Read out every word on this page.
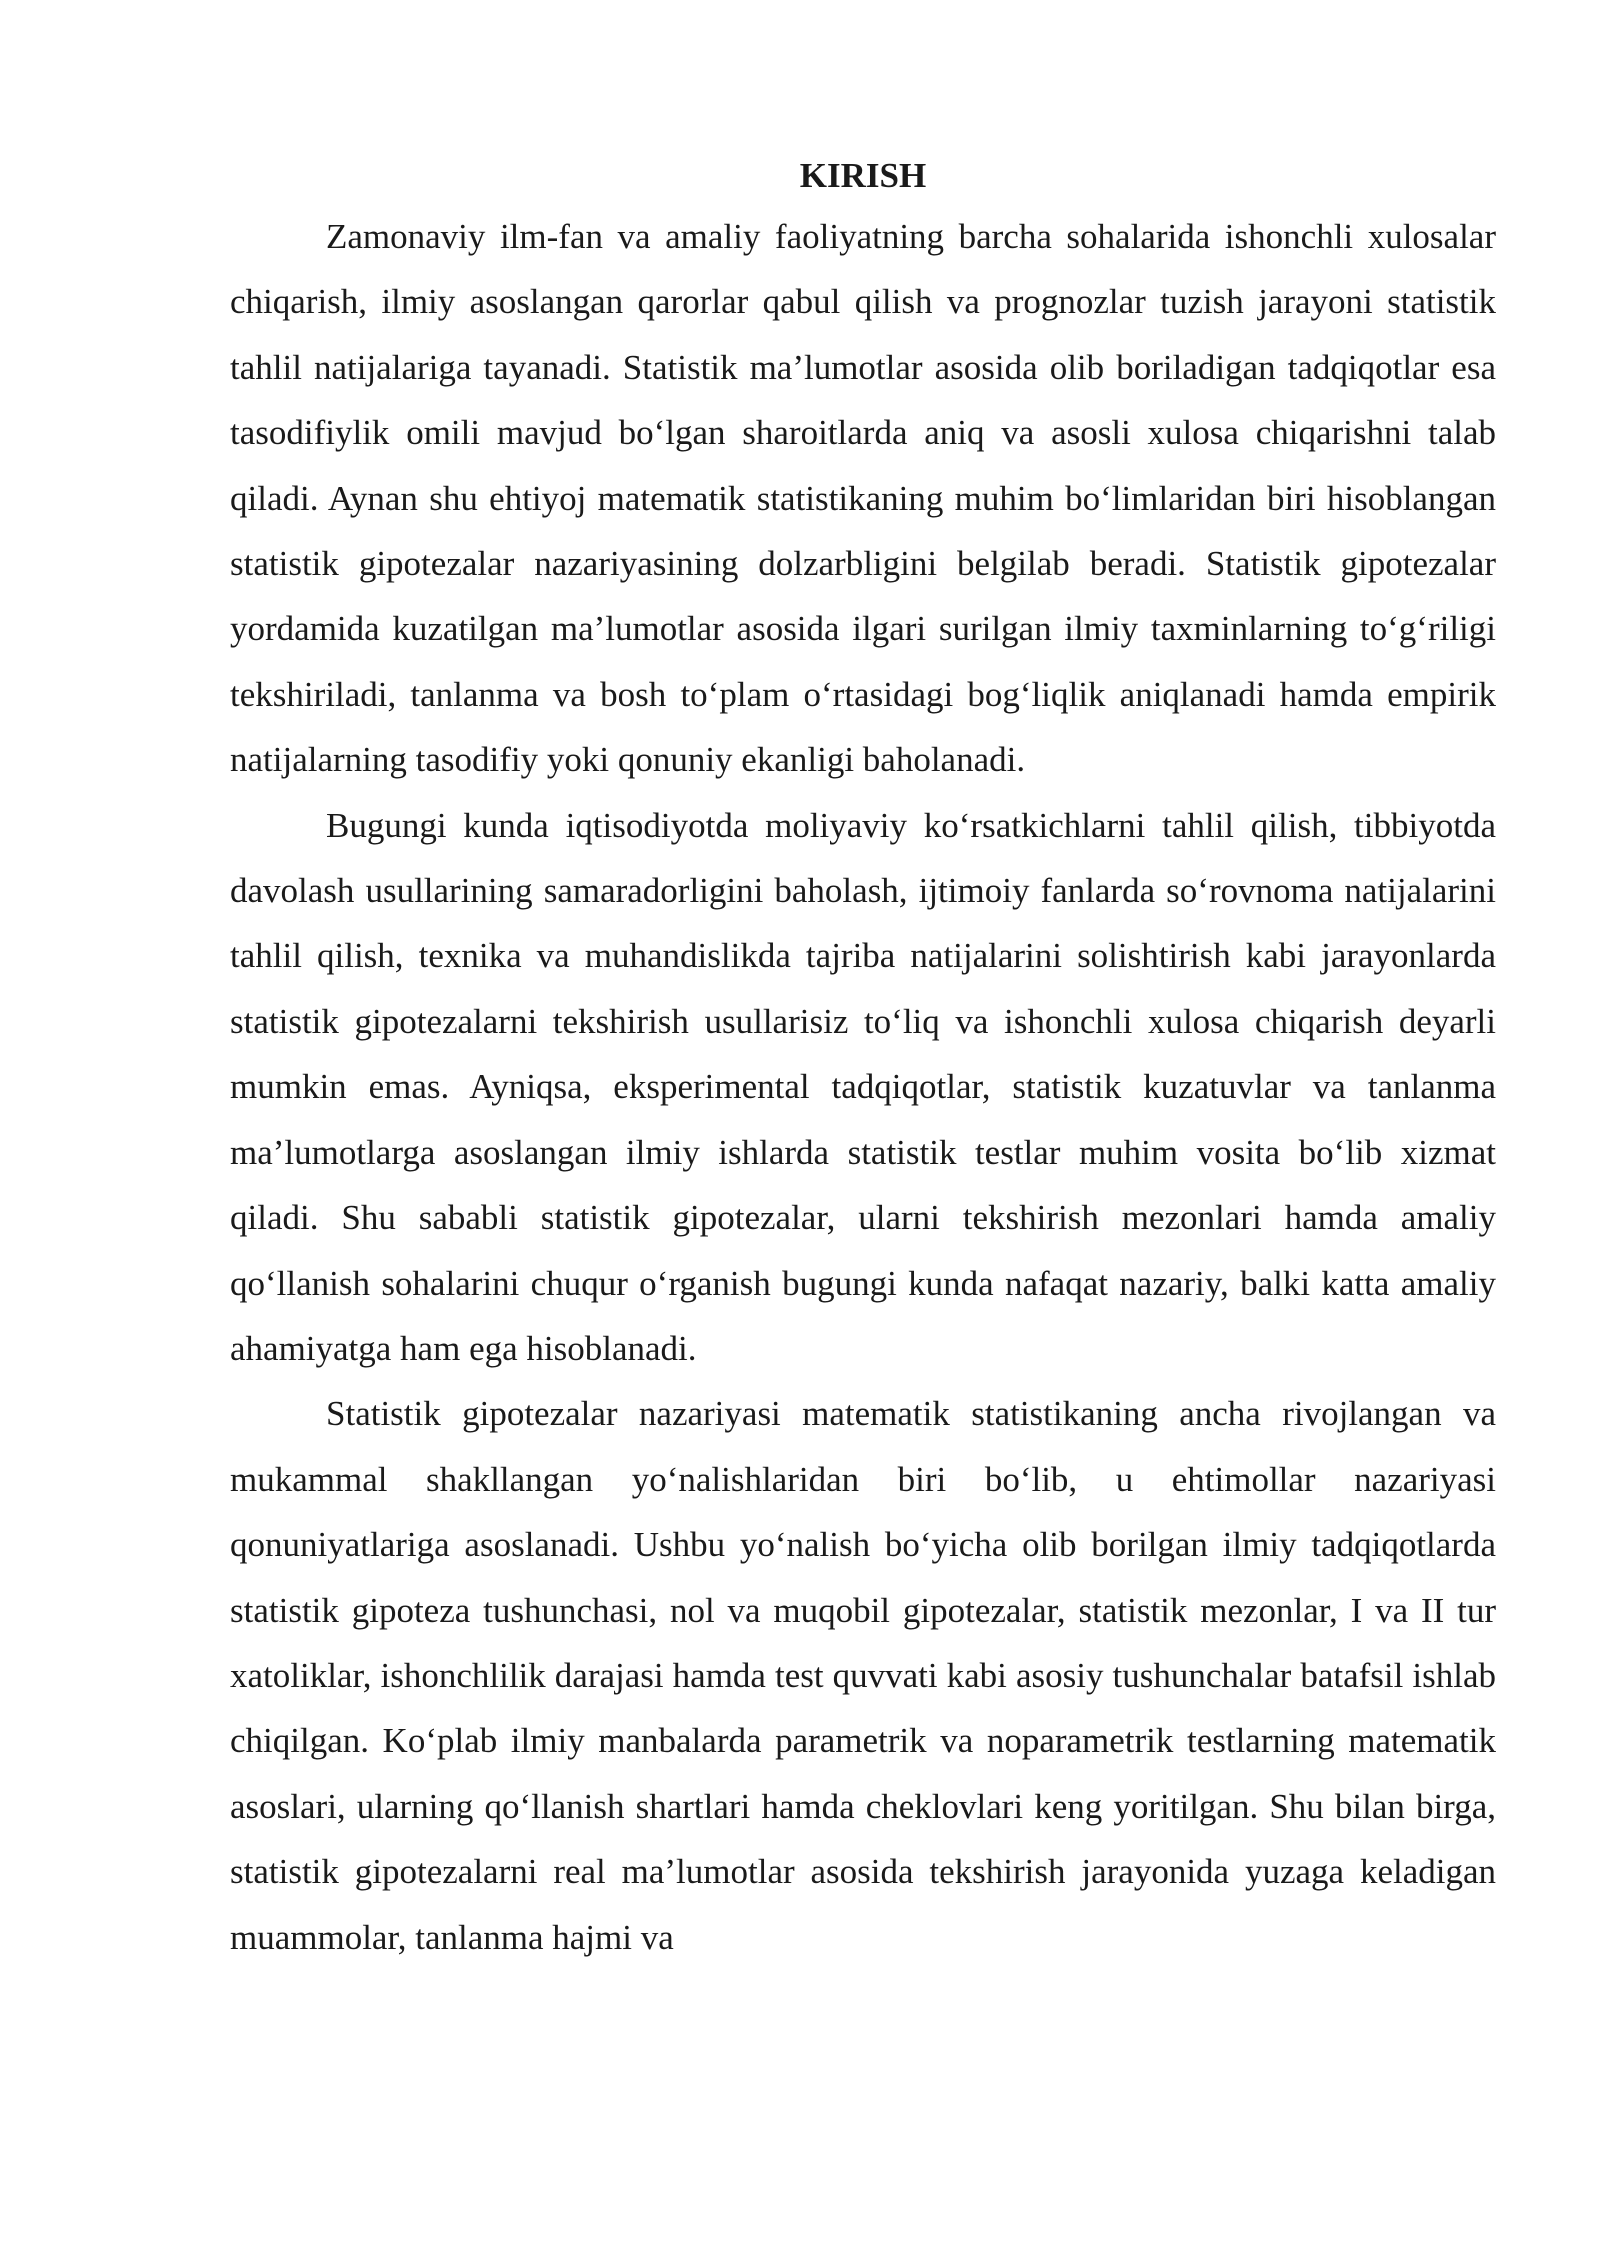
KIRISH

Zamonaviy ilm-fan va amaliy faoliyatning barcha sohalarida ishonchli xulosalar chiqarish, ilmiy asoslangan qarorlar qabul qilish va prognozlar tuzish jarayoni statistik tahlil natijalariga tayanadi. Statistik ma’lumotlar asosida olib boriladigan tadqiqotlar esa tasodifiylik omili mavjud bo‘lgan sharoitlarda aniq va asosli xulosa chiqarishni talab qiladi. Aynan shu ehtiyoj matematik statistikaning muhim bo‘limlaridan biri hisoblangan statistik gipotezalar nazariyasining dolzarbligini belgilab beradi. Statistik gipotezalar yordamida kuzatilgan ma’lumotlar asosida ilgari surilgan ilmiy taxminlarning to‘g‘riligi tekshiriladi, tanlanma va bosh to‘plam o‘rtasidagi bog‘liqlik aniqlanadi hamda empirik natijalarning tasodifiy yoki qonuniy ekanligi baholanadi.

Bugungi kunda iqtisodiyotda moliyaviy ko‘rsatkichlarni tahlil qilish, tibbiyotda davolash usullarining samaradorligini baholash, ijtimoiy fanlarda so‘rovnoma natijalarini tahlil qilish, texnika va muhandislikda tajriba natijalarini solishtirish kabi jarayonlarda statistik gipotezalarni tekshirish usullarisiz to‘liq va ishonchli xulosa chiqarish deyarli mumkin emas. Ayniqsa, eksperimental tadqiqotlar, statistik kuzatuvlar va tanlanma ma’lumotlarga asoslangan ilmiy ishlarda statistik testlar muhim vosita bo‘lib xizmat qiladi. Shu sababli statistik gipotezalar, ularni tekshirish mezonlari hamda amaliy qo‘llanish sohalarini chuqur o‘rganish bugungi kunda nafaqat nazariy, balki katta amaliy ahamiyatga ham ega hisoblanadi.

Statistik gipotezalar nazariyasi matematik statistikaning ancha rivojlangan va mukammal shakllangan yo‘nalishlaridan biri bo‘lib, u ehtimollar nazariyasi qonuniyatlariga asoslanadi. Ushbu yo‘nalish bo‘yicha olib borilgan ilmiy tadqiqotlarda statistik gipoteza tushunchasi, nol va muqobil gipotezalar, statistik mezonlar, I va II tur xatoliklar, ishonchlilik darajasi hamda test quvvati kabi asosiy tushunchalar batafsil ishlab chiqilgan. Ko‘plab ilmiy manbalarda parametrik va noparametrik testlarning matematik asoslari, ularning qo‘llanish shartlari hamda cheklovlari keng yoritilgan. Shu bilan birga, statistik gipotezalarni real ma’lumotlar asosida tekshirish jarayonida yuzaga keladigan muammolar, tanlanma hajmi va
